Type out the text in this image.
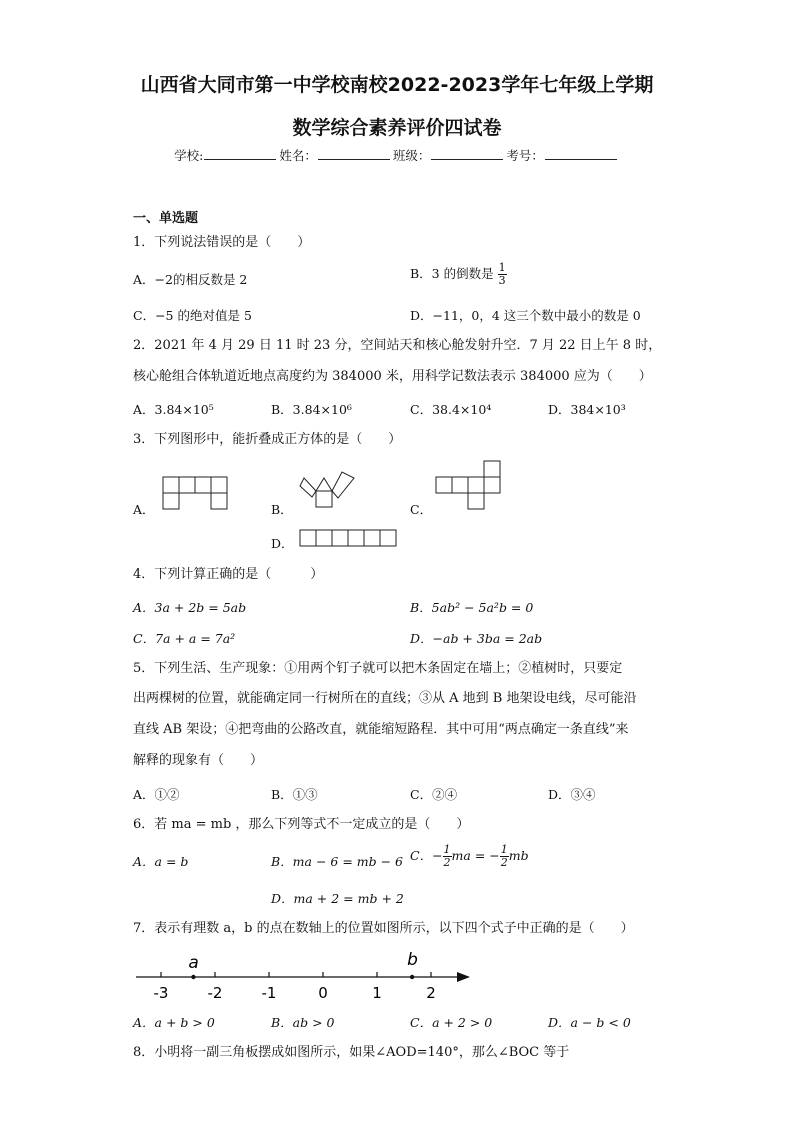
山西省大同市第一中学校南校2022-2023学年七年级上学期
数学综合素养评价四试卷
学校:	姓名：	班级：	考号：
一、单选题
1．下列说法错误的是（　　）
A．−2的相反数是 2	B．3 的倒数是 $\frac{1}{3}$
C．−5 的绝对值是 5	D．−11，0，4 这三个数中最小的数是 0
2．2021 年 4 月 29 日 11 时 23 分，空间站天和核心舱发射升空．7 月 22 日上午 8 时，
核心舱组合体轨道近地点高度约为 384000 米，用科学记数法表示 384000 应为（　　）
A．3.84×10⁵	B．3.84×10⁶	C．38.4×10⁴	D．384×10³
3．下列图形中，能折叠成正方体的是（　　）
A．	B．	C．
D．
4．下列计算正确的是（　　　）
A．3a + 2b = 5ab	B．5ab² − 5a²b = 0
C．7a + a = 7a²	D．−ab + 3ba = 2ab
5．下列生活、生产现象：①用两个钉子就可以把木条固定在墙上；②植树时，只要定
出两棵树的位置，就能确定同一行树所在的直线；③从 A 地到 B 地架设电线，尽可能沿
直线 AB 架设；④把弯曲的公路改直，就能缩短路程．其中可用“两点确定一条直线”来
解释的现象有（　　）
A．①②	B．①③	C．②④	D．③④
6．若 ma = mb ，那么下列等式不一定成立的是（　　）
A．a = b	B．ma − 6 = mb − 6 C．− $\frac{1}{2}$ ma = − $\frac{1}{2}$ mb
D．ma + 2 = mb + 2
7．表示有理数 a，b 的点在数轴上的位置如图所示，以下四个式子中正确的是（　　）
-3	-2	-1	0	1	2
a	b
A．a + b > 0	B．ab > 0	C．a + 2 > 0	D．a − b < 0
8．小明将一副三角板摆成如图所示，如果∠AOD=140°，那么∠BOC 等于
